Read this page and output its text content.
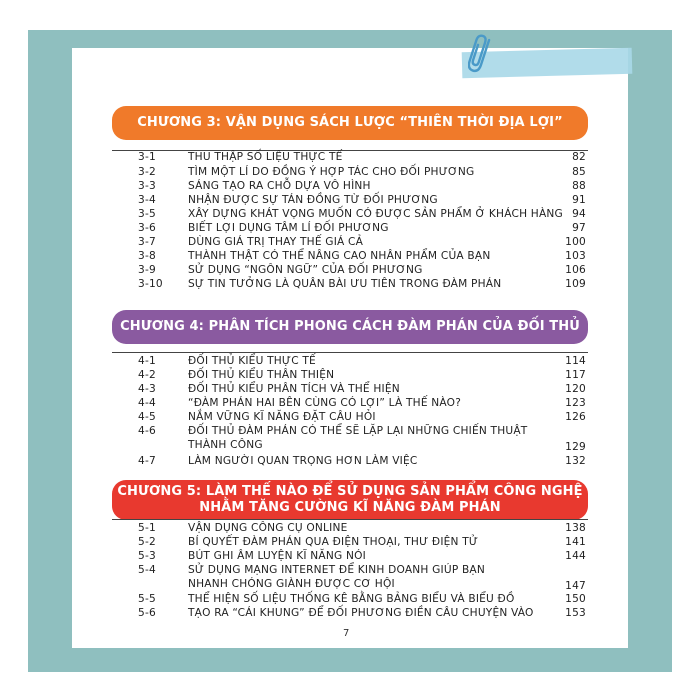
CHƯƠNG 3: VẬN DỤNG SÁCH LƯỢC “THIÊN THỜI ĐỊA LỢI”
3-1	THU THẬP SỐ LIỆU THỰC TẾ	82
3-2	TÌM MỘT LÍ DO ĐỒNG Ý HỢP TÁC CHO ĐỐI PHƯƠNG	85
3-3	SÁNG TẠO RA CHỖ DỰA VÔ HÌNH	88
3-4	NHẬN ĐƯỢC SỰ TÁN ĐỒNG TỪ ĐỐI PHƯƠNG	91
3-5	XÂY DỰNG KHÁT VỌNG MUỐN CÓ ĐƯỢC SẢN PHẨM Ở KHÁCH HÀNG 94
3-6	BIẾT LỢI DỤNG TÂM LÍ ĐỐI PHƯƠNG	97
3-7	DÙNG GIÁ TRỊ THAY THẾ GIÁ CẢ	100
3-8	THÀNH THẬT CÓ THỂ NÂNG CAO NHÂN PHẨM CỦA BẠN	103
3-9	SỬ DỤNG “NGÔN NGỮ” CỦA ĐỐI PHƯƠNG	106
3-10 SỰ TIN TƯỞNG LÀ QUÂN BÀI ƯU TIÊN TRONG ĐÀM PHÁN	109
CHƯƠNG 4: PHÂN TÍCH PHONG CÁCH ĐÀM PHÁN CỦA ĐỐI THỦ
4-1	ĐỐI THỦ KIỂU THỰC TẾ	114
4-2	ĐỐI THỦ KIỂU THÂN THIỆN	117
4-3	ĐỐI THỦ KIỂU PHÂN TÍCH VÀ THỂ HIỆN	120
4-4	“ĐÀM PHÁN HAI BÊN CÙNG CÓ LỢI” LÀ THẾ NÀO?	123
4-5	NẮM VỮNG KĨ NĂNG ĐẶT CÂU HỎI	126
4-6	ĐỐI THỦ ĐÀM PHÁN CÓ THỂ SẼ LẶP LẠI NHỮNG CHIẾN THUẬT
THÀNH CÔNG	129
4-7	LÀM NGƯỜI QUAN TRỌNG HƠN LÀM VIỆC	132
CHƯƠNG 5: LÀM THẾ NÀO ĐỂ SỬ DỤNG SẢN PHẨM CÔNG NGHỆ
NHẰM TĂNG CƯỜNG KĨ NĂNG ĐÀM PHÁN
5-1	VẬN DỤNG CÔNG CỤ ONLINE	138
5-2	BÍ QUYẾT ĐÀM PHÁN QUA ĐIỆN THOẠI, THƯ ĐIỆN TỬ	141
5-3	BÚT GHI ÂM LUYỆN KĨ NĂNG NÓI	144
5-4	SỬ DỤNG MẠNG INTERNET ĐỂ KINH DOANH GIÚP BẠN
NHANH CHÓNG GIÀNH ĐƯỢC CƠ HỘI	147
5-5	THỂ HIỆN SỐ LIỆU THỐNG KÊ BẰNG BẢNG BIỂU VÀ BIỂU ĐỒ	150
5-6	TẠO RA “CÁI KHUNG” ĐỂ ĐỐI PHƯƠNG ĐIỀN CÂU CHUYỆN VÀO	153
7
